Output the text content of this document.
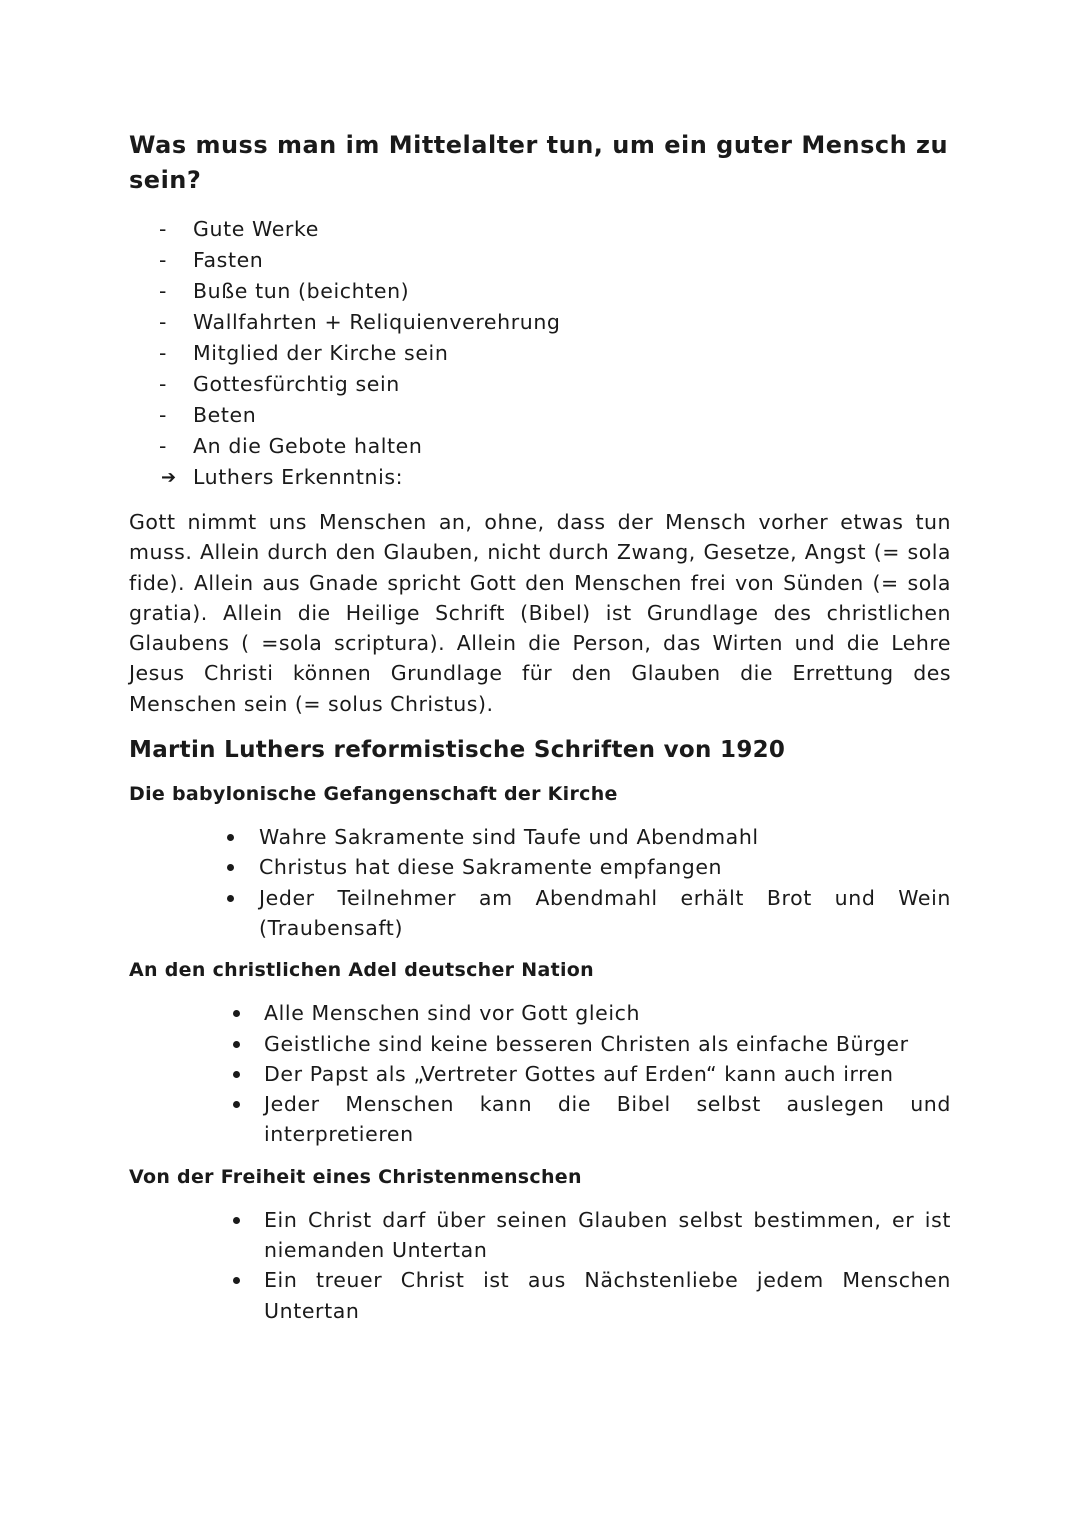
Was muss man im Mittelalter tun, um ein guter Mensch zu sein?
- Gute Werke
- Fasten
- Buße tun (beichten)
- Wallfahrten + Reliquienverehrung
- Mitglied der Kirche sein
- Gottesfürchtig sein
- Beten
- An die Gebote halten
➔ Luthers Erkenntnis:

Gott nimmt uns Menschen an, ohne, dass der Mensch vorher etwas tun muss. Allein durch den Glauben, nicht durch Zwang, Gesetze, Angst (= sola fide). Allein aus Gnade spricht Gott den Menschen frei von Sünden (= sola gratia). Allein die Heilige Schrift (Bibel) ist Grundlage des christlichen Glaubens ( =sola scriptura). Allein die Person, das Wirten und die Lehre Jesus Christi können Grundlage für den Glauben die Errettung des Menschen sein (= solus Christus).

Martin Luthers reformistische Schriften von 1920
Die babylonische Gefangenschaft der Kirche
Wahre Sakramente sind Taufe und Abendmahl
Christus hat diese Sakramente empfangen
Jeder Teilnehmer am Abendmahl erhält Brot und Wein (Traubensaft)
An den christlichen Adel deutscher Nation
Alle Menschen sind vor Gott gleich
Geistliche sind keine besseren Christen als einfache Bürger
Der Papst als „Vertreter Gottes auf Erden“ kann auch irren
Jeder Menschen kann die Bibel selbst auslegen und interpretieren
Von der Freiheit eines Christenmenschen
Ein Christ darf über seinen Glauben selbst bestimmen, er ist niemanden Untertan
Ein treuer Christ ist aus Nächstenliebe jedem Menschen Untertan
